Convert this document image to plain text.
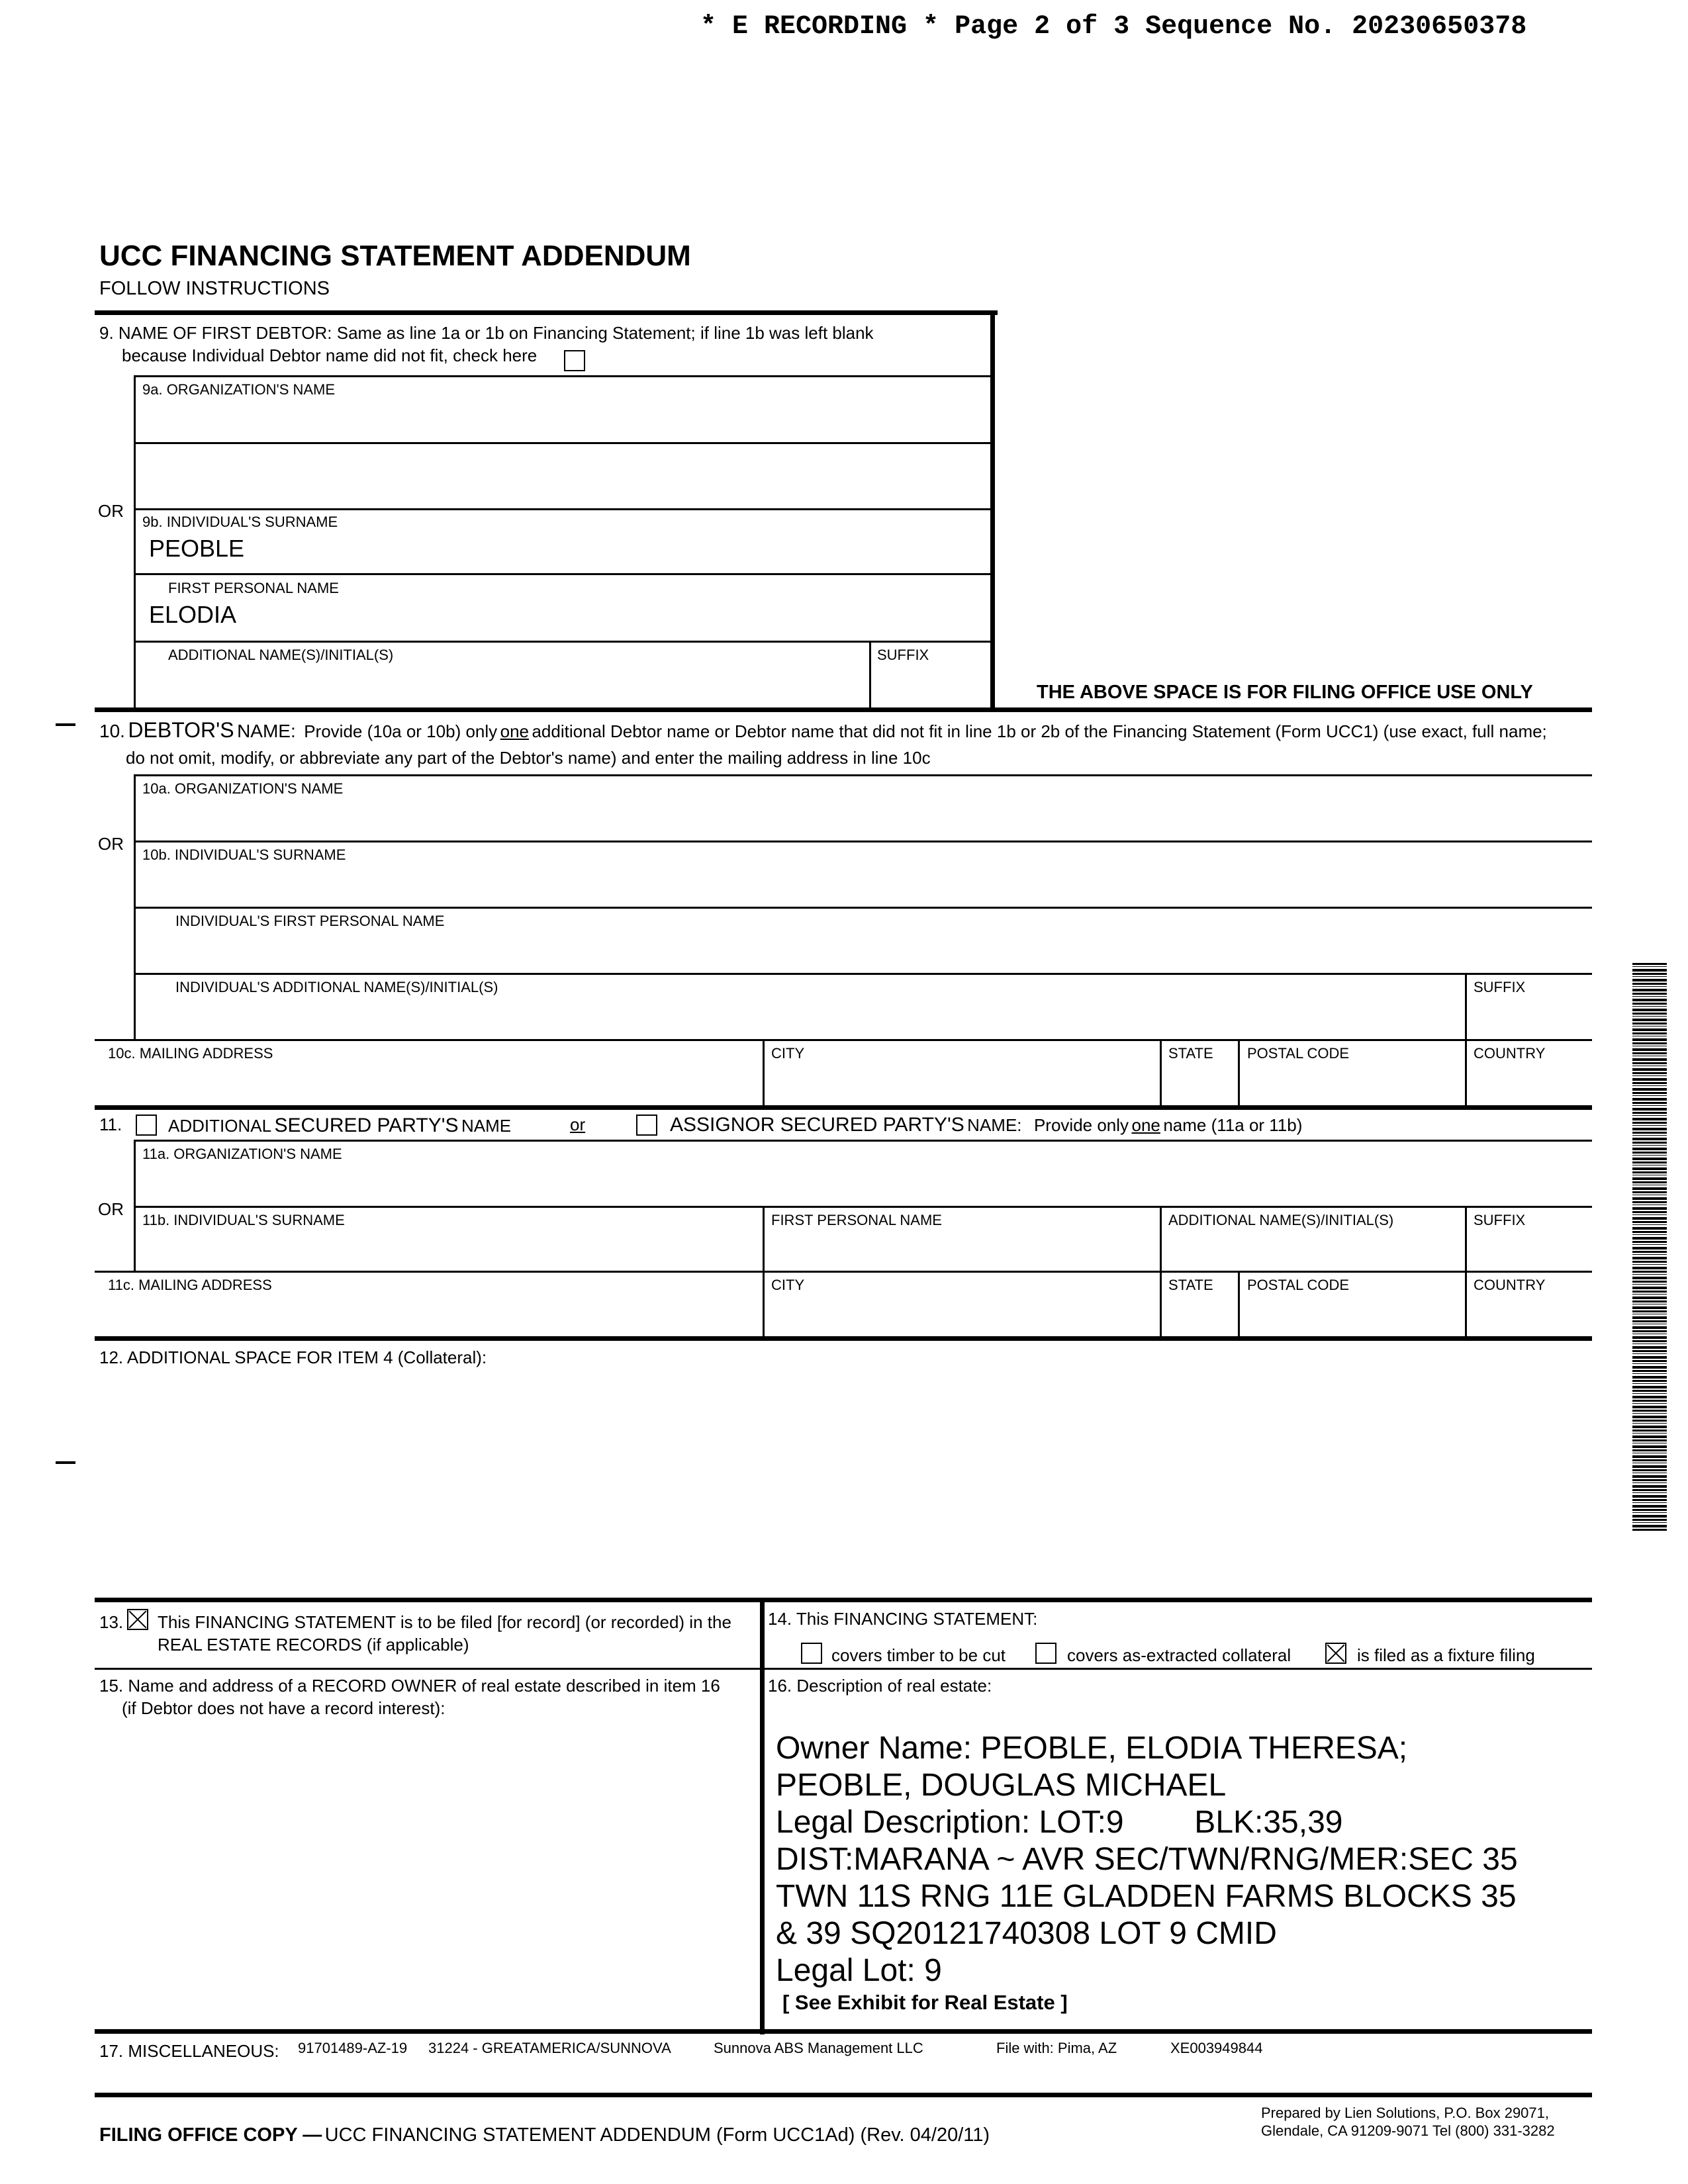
* E RECORDING * Page 2 of 3 Sequence No. 20230650378
UCC FINANCING STATEMENT ADDENDUM
FOLLOW INSTRUCTIONS
9. NAME OF FIRST DEBTOR: Same as line 1a or 1b on Financing Statement; if line 1b was left blank
because Individual Debtor name did not fit, check here
9a. ORGANIZATION'S NAME
OR
9b. INDIVIDUAL'S SURNAME
PEOBLE
FIRST PERSONAL NAME
ELODIA
ADDITIONAL NAME(S)/INITIAL(S)	SUFFIX
THE ABOVE SPACE IS FOR FILING OFFICE USE ONLY
10. DEBTOR'S NAME: Provide (10a or 10b) only one additional Debtor name or Debtor name that did not fit in line 1b or 2b of the Financing Statement (Form UCC1) (use exact, full name;
do not omit, modify, or abbreviate any part of the Debtor's name) and enter the mailing address in line 10c
10a. ORGANIZATION'S NAME
OR
10b. INDIVIDUAL'S SURNAME
INDIVIDUAL'S FIRST PERSONAL NAME
INDIVIDUAL'S ADDITIONAL NAME(S)/INITIAL(S)	SUFFIX
10c. MAILING ADDRESS	CITY	STATE POSTAL CODE	COUNTRY
11.	ADDITIONAL SECURED PARTY'S NAME	or	ASSIGNOR SECURED PARTY'S NAME: Provide only one name (11a or 11b)
11a. ORGANIZATION'S NAME
OR
11b. INDIVIDUAL'S SURNAME	FIRST PERSONAL NAME	ADDITIONAL NAME(S)/INITIAL(S)	SUFFIX
11c. MAILING ADDRESS	CITY	STATE POSTAL CODE	COUNTRY
12. ADDITIONAL SPACE FOR ITEM 4 (Collateral):
13. This FINANCING STATEMENT is to be filed [for record] (or recorded) in the
REAL ESTATE RECORDS (if applicable)
14. This FINANCING STATEMENT:
covers timber to be cut	covers as-extracted collateral	is filed as a fixture filing
15. Name and address of a RECORD OWNER of real estate described in item 16
(if Debtor does not have a record interest):
16. Description of real estate:
Owner Name: PEOBLE, ELODIA THERESA;
PEOBLE, DOUGLAS MICHAEL
Legal Description: LOT:9        BLK:35,39
DIST:MARANA ~ AVR SEC/TWN/RNG/MER:SEC 35
TWN 11S RNG 11E GLADDEN FARMS BLOCKS 35
& 39 SQ20121740308 LOT 9 CMID
Legal Lot: 9
[ See Exhibit for Real Estate ]
17. MISCELLANEOUS: 91701489-AZ-19 31224 - GREATAMERICA/SUNNOVA	Sunnova ABS Management LLC	File with: Pima, AZ	XE003949844
FILING OFFICE COPY — UCC FINANCING STATEMENT ADDENDUM (Form UCC1Ad) (Rev. 04/20/11)
Prepared by Lien Solutions, P.O. Box 29071,
Glendale, CA 91209-9071 Tel (800) 331-3282
